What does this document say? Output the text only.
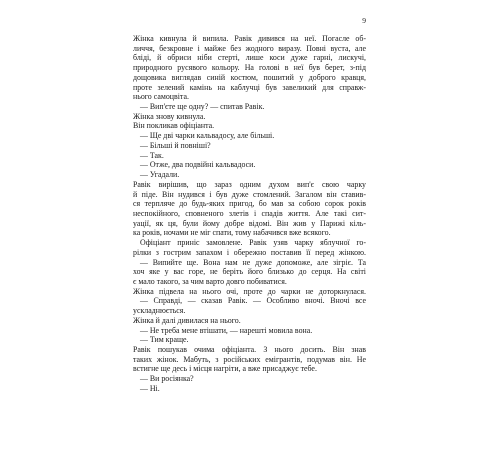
9
Жінка кивнула й випила. Равік дивився на неї. Погасле об-
личчя, безкровне і майже без жодного виразу. Повні вуста, але
блідi, й обриси ніби стерті, лише коси дуже гарні, лискучі,
природного русявого кольору. На голові в неї був берет, з-під
дощовика виглядав синій костюм, пошитий у доброго кравця,
проте зелений камінь на каблучці був завеликий для справж-
нього самоцвіта.
— Вип'єте ще одну? — спитав Равік.
Жінка знову кивнула.
Він покликав офіціанта.
— Ще дві чарки кальвадосу, але більші.
— Більші й повніші?
— Так.
— Отже, два подвійні кальвадоси.
— Угадали.
Равік вирішив, що зараз одним духом вип'є свою чарку
й піде. Він нудився і був дуже стомлений. Загалом він ставив-
ся терпляче до будь-яких пригод, бо мав за собою сорок років
неспокійного, сповненого злетів і спадів життя. Але такі сит-
уації, як ця, були йому добре відомі. Він жив у Парижі кіль-
ка років, ночами не міг спати, тому набачився вже всякого.
Офіціант приніс замовлене. Равік узяв чарку яблучної го-
рілки з гострим запахом і обережно поставив її перед жінкою.
— Випийте ще. Вона нам не дуже допоможе, але зігріє. Та
хоч яке у вас горе, не беріть його близько до серця. На світі
є мало такого, за чим варто довго побиватися.
Жінка підвела на нього очі, проте до чарки не доторкнулася.
— Справді, — сказав Равік. — Особливо вночі. Вночі все
ускладнюється.
Жінка й далі дивилася на нього.
— Не треба мене втішати, — нарешті мовила вона.
— Тим краще.
Равік пошукав очима офіціанта. З нього досить. Він знав
таких жінок. Мабуть, з російських емігрантів, подумав він. Не
встигне ще десь і місця нагріти, а вже присаджує тебе.
— Ви росіянка?
— Ні.
